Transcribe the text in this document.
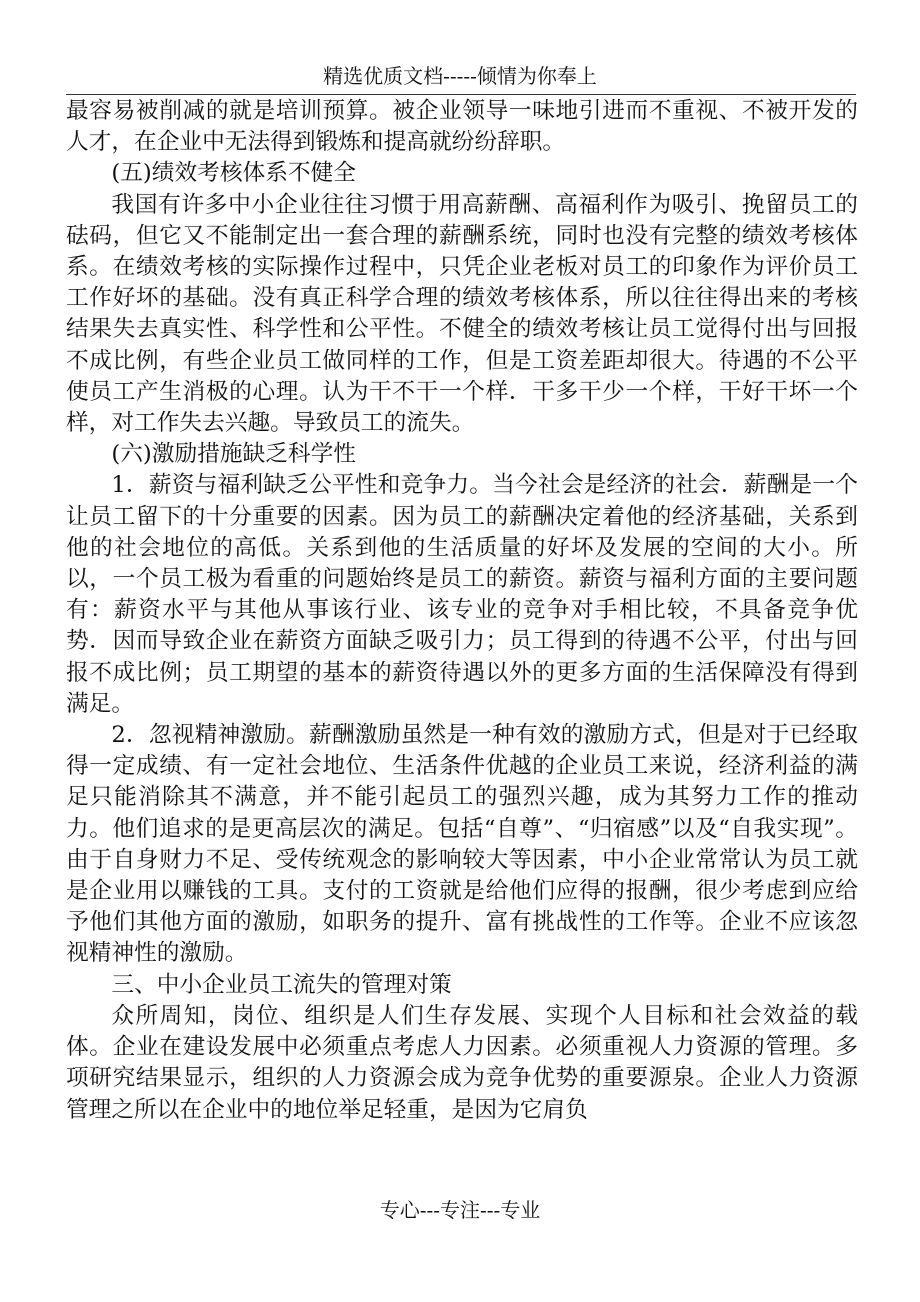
精选优质文档-----倾情为你奉上

最容易被削减的就是培训预算。被企业领导一味地引进而不重视、不被开发的人才，在企业中无法得到锻炼和提高就纷纷辞职。

(五)绩效考核体系不健全

我国有许多中小企业往往习惯于用高薪酬、高福利作为吸引、挽留员工的砝码，但它又不能制定出一套合理的薪酬系统，同时也没有完整的绩效考核体系。在绩效考核的实际操作过程中，只凭企业老板对员工的印象作为评价员工工作好坏的基础。没有真正科学合理的绩效考核体系，所以往往得出来的考核结果失去真实性、科学性和公平性。不健全的绩效考核让员工觉得付出与回报不成比例，有些企业员工做同样的工作，但是工资差距却很大。待遇的不公平使员工产生消极的心理。认为干不干一个样．干多干少一个样，干好干坏一个样，对工作失去兴趣。导致员工的流失。

(六)激励措施缺乏科学性

1．薪资与福利缺乏公平性和竞争力。当今社会是经济的社会．薪酬是一个让员工留下的十分重要的因素。因为员工的薪酬决定着他的经济基础，关系到他的社会地位的高低。关系到他的生活质量的好坏及发展的空间的大小。所以，一个员工极为看重的问题始终是员工的薪资。薪资与福利方面的主要问题有：薪资水平与其他从事该行业、该专业的竞争对手相比较，不具备竞争优势．因而导致企业在薪资方面缺乏吸引力；员工得到的待遇不公平，付出与回报不成比例；员工期望的基本的薪资待遇以外的更多方面的生活保障没有得到满足。

2．忽视精神激励。薪酬激励虽然是一种有效的激励方式，但是对于已经取得一定成绩、有一定社会地位、生活条件优越的企业员工来说，经济利益的满足只能消除其不满意，并不能引起员工的强烈兴趣，成为其努力工作的推动力。他们追求的是更高层次的满足。包括“自尊”、“归宿感”以及“自我实现”。由于自身财力不足、受传统观念的影响较大等因素，中小企业常常认为员工就是企业用以赚钱的工具。支付的工资就是给他们应得的报酬，很少考虑到应给予他们其他方面的激励，如职务的提升、富有挑战性的工作等。企业不应该忽视精神性的激励。

三、中小企业员工流失的管理对策

众所周知，岗位、组织是人们生存发展、实现个人目标和社会效益的载体。企业在建设发展中必须重点考虑人力因素。必须重视人力资源的管理。多项研究结果显示，组织的人力资源会成为竞争优势的重要源泉。企业人力资源管理之所以在企业中的地位举足轻重，是因为它肩负

专心---专注---专业
